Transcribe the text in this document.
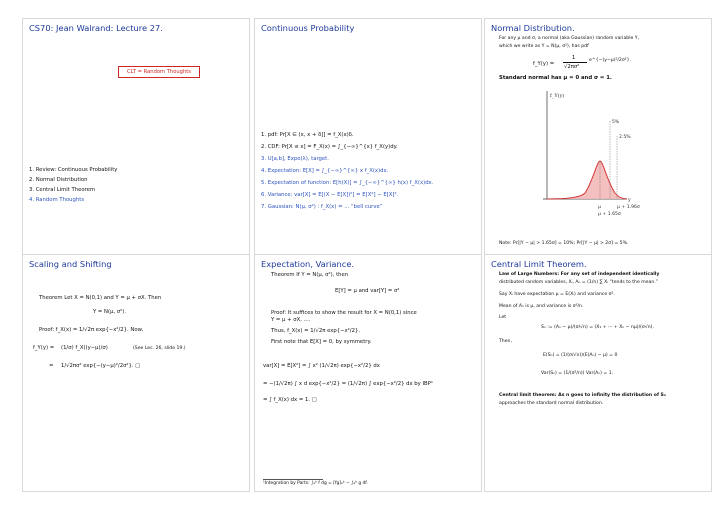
CS70: Jean Walrand: Lecture 27.
CLT = Random Thoughts
1. Review: Continuous Probability
2. Normal Distribution
3. Central Limit Theorem
4. Random Thoughts
Continuous Probability
1. pdf: Pr[X ∈ (x, x + δ]] = f_X(x)δ.
2. CDF: Pr[X ≤ x] = F_X(x) = ∫_{−∞}^{x} f_X(y)dy.
3. U[a,b], Expo(λ), target.
4. Expectation: E[X] = ∫_{−∞}^{∞} x f_X(x)dx.
5. Expectation of function: E[h(X)] = ∫_{−∞}^{∞} h(x) f_X(x)dx.
6. Variance: var[X] = E[(X − E[X])²] = E[X²] − E[X]².
7. Gaussian: N(μ, σ²) : f_X(x) = ... “bell curve”
Normal Distribution.
For any μ and σ, a normal (aka Gaussian) random variable Y,
which we write as Y = N(μ, σ²), has pdf
f_Y(y) =
1
√2πσ²
e^{−(y−μ)²/2σ²}.
Standard normal has μ = 0 and σ = 1.
f_Y(y)
y
5%
2.5%
μ	μ + 1.96σ
μ + 1.65σ
Note: Pr[|Y − μ| > 1.65σ] = 10%; Pr[|Y − μ| > 2σ] = 5%.
Scaling and Shifting
Theorem Let X = N(0,1) and Y = μ + σX. Then
Y = N(μ, σ²).
Proof: f_X(x) = 1/√2π exp{−x²/2}. Now,
f_Y(y) = (1/σ) f_X((y−μ)/σ)	(See Lec. 26, slide 19.)
= 1/√2πσ² exp{−(y−μ)²/2σ²}. □
Expectation, Variance.
Theorem If Y = N(μ, σ²), then
E[Y] = μ and var[Y] = σ²
Proof: It suffices to show the result for X = N(0,1) since
Y = μ + σX, ....
Thus, f_X(x) = 1/√2π exp{−x²/2}.
First note that E[X] = 0, by symmetry.
var[X] = E[X²] = ∫ x² (1/√2π) exp{−x²/2} dx
= −(1/√2π) ∫ x d exp{−x²/2} = (1/√2π) ∫ exp{−x²/2} dx by IBP¹
= ∫ f_X(x) dx = 1. □
¹Integration by Parts: ∫ₐᵇ f dg = [fg]ₐᵇ − ∫ₐᵇ g df.
Central Limit Theorem.
Law of Large Numbers: For any set of independent identically
distributed random variables, Xᵢ, Aₙ = (1/n) ∑ Xᵢ “tends to the mean.”
Say Xᵢ have expectation μ = E(Xᵢ) and variance σ².
Mean of Aₙ is μ, and variance is σ²/n.
Let
Sₙ := (Aₙ − μ)/(σ/√n) = (X₁ + ··· + Xₙ − nμ)/(σ√n).
Then,
E(Sₙ) = (1/(σ/√n))(E(Aₙ) − μ) = 0
Var(Sₙ) = (1/(σ²/n)) Var(Aₙ) = 1.
Central limit theorem: As n goes to infinity the distribution of Sₙ
approaches the standard normal distribution.
